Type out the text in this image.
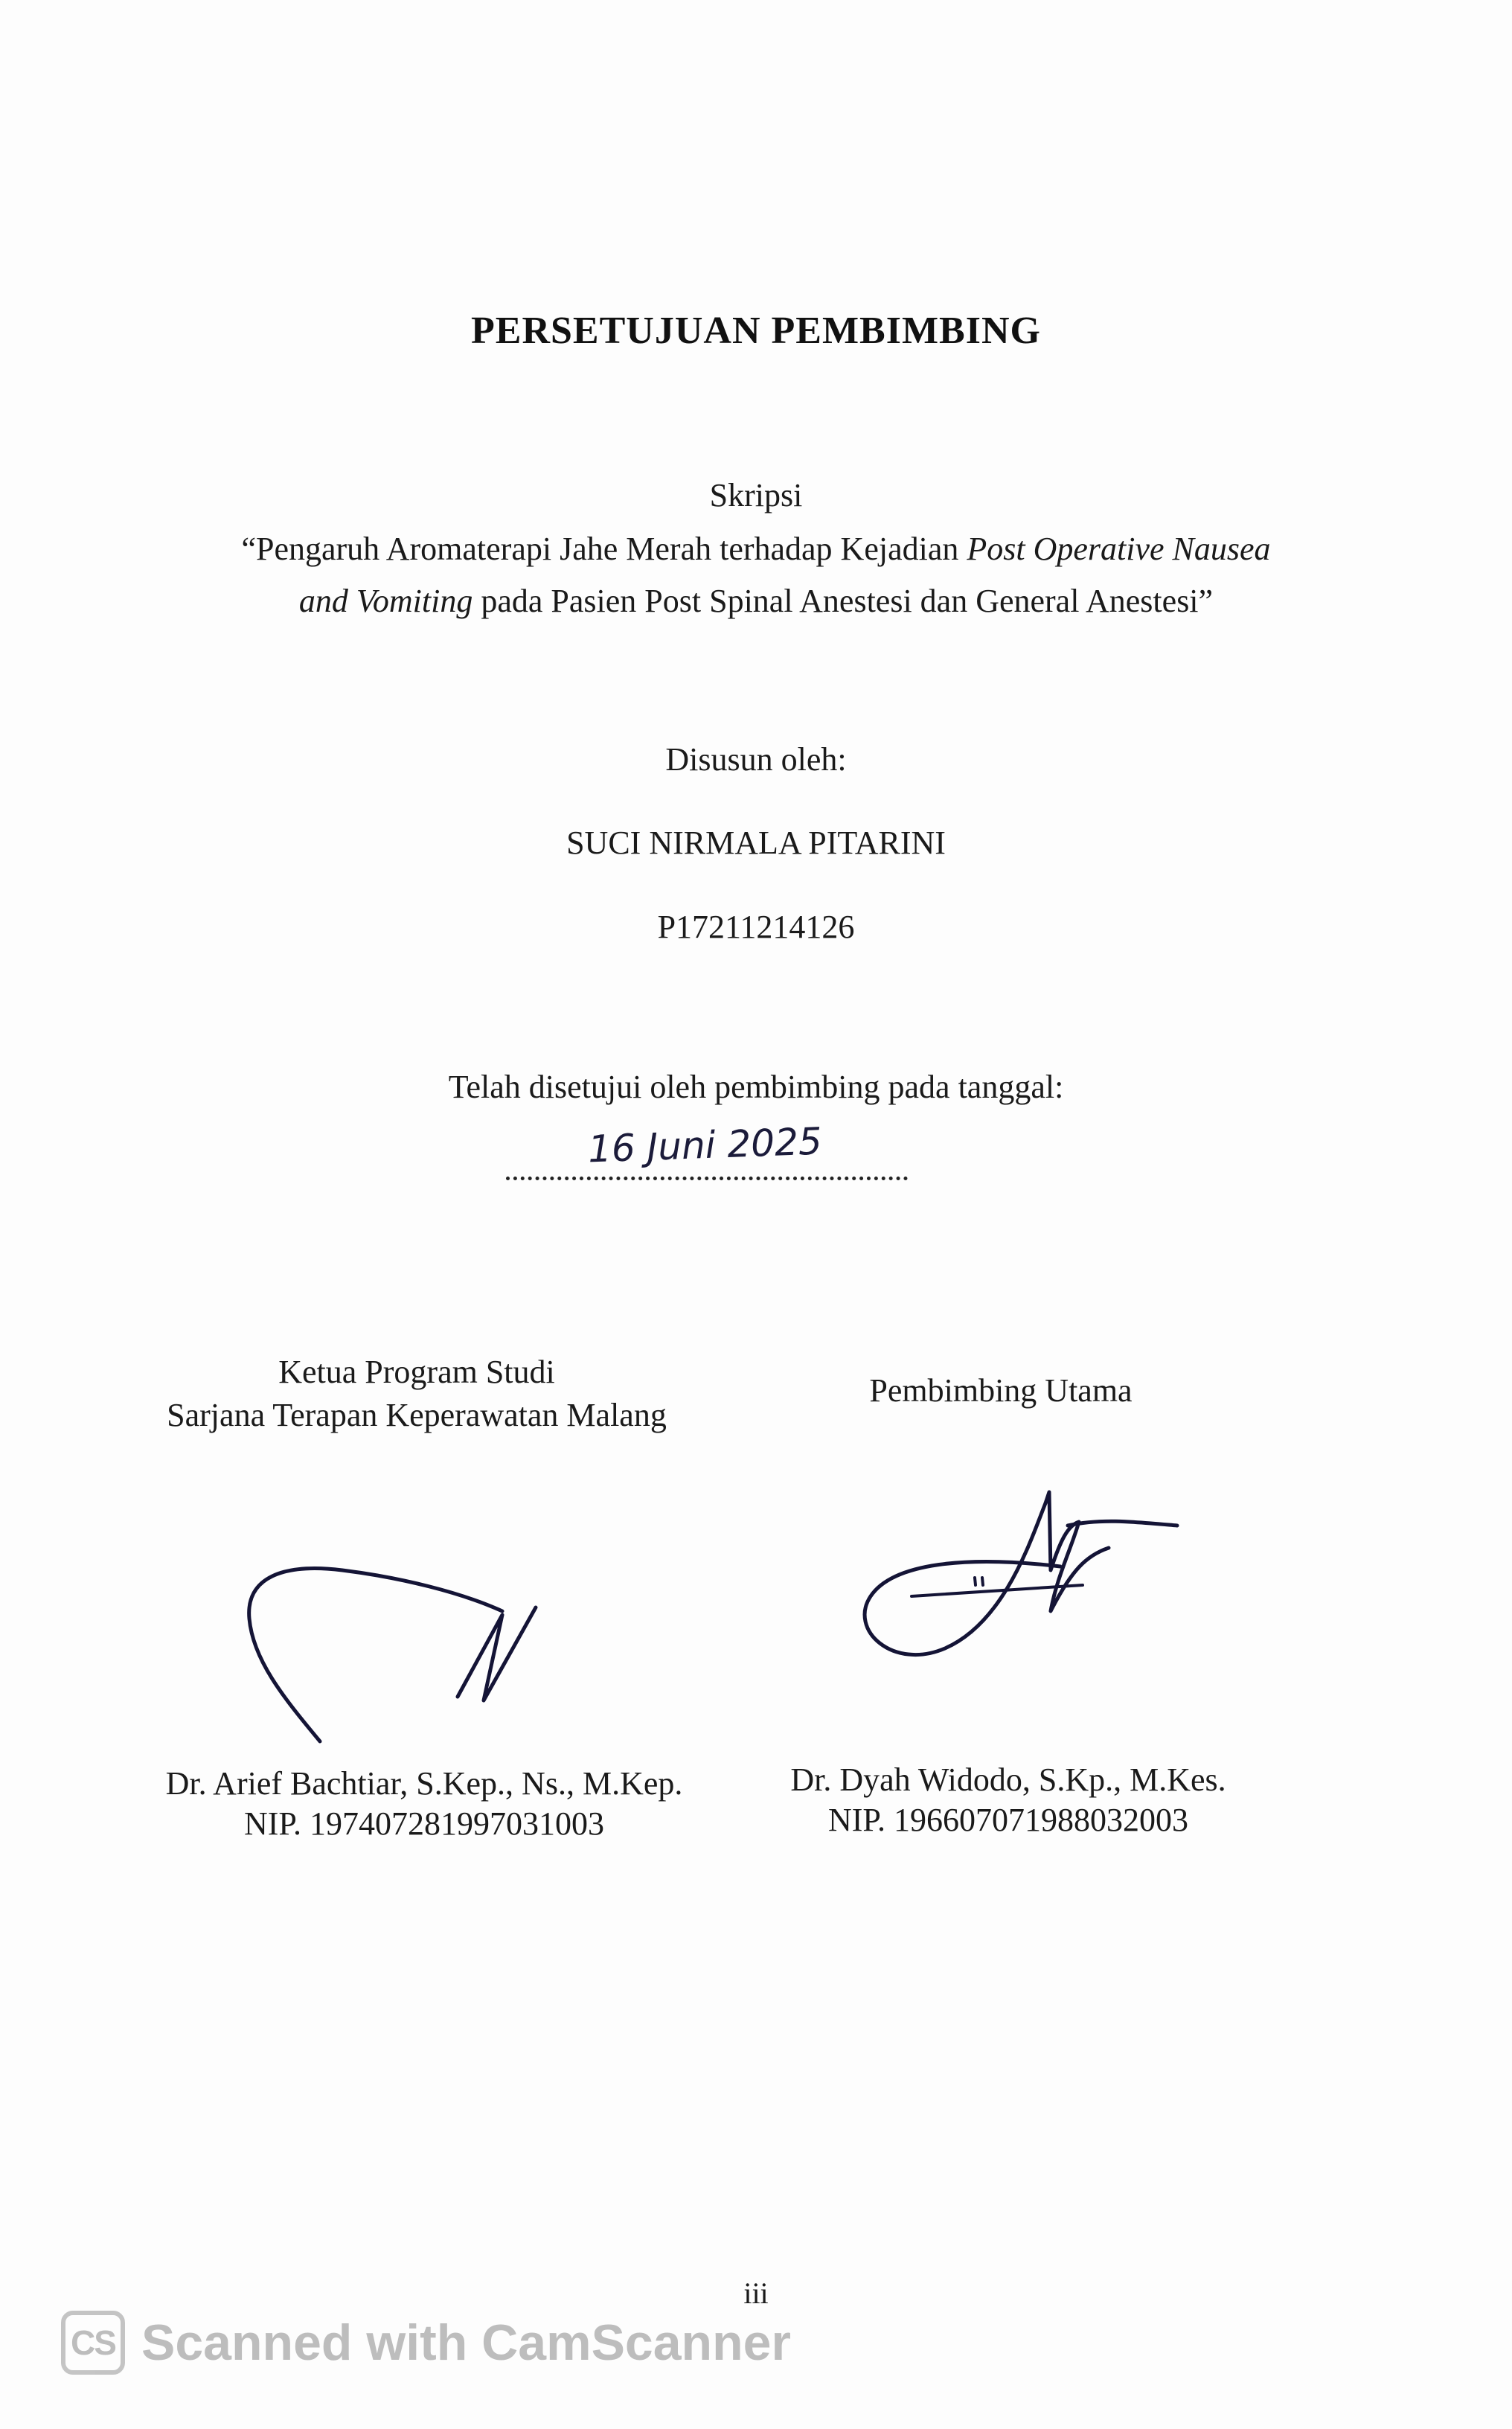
PERSETUJUAN PEMBIMBING
Skripsi
“Pengaruh Aromaterapi Jahe Merah terhadap Kejadian Post Operative Nausea
and Vomiting pada Pasien Post Spinal Anestesi dan General Anestesi”
Disusun oleh:
SUCI NIRMALA PITARINI
P17211214126
Telah disetujui oleh pembimbing pada tanggal:
16 Juni 2025
Ketua Program Studi
Sarjana Terapan Keperawatan Malang
Pembimbing Utama
Dr. Arief Bachtiar, S.Kep., Ns., M.Kep.
NIP. 197407281997031003
Dr. Dyah Widodo, S.Kp., M.Kes.
NIP. 196607071988032003
iii
CS Scanned with CamScanner
